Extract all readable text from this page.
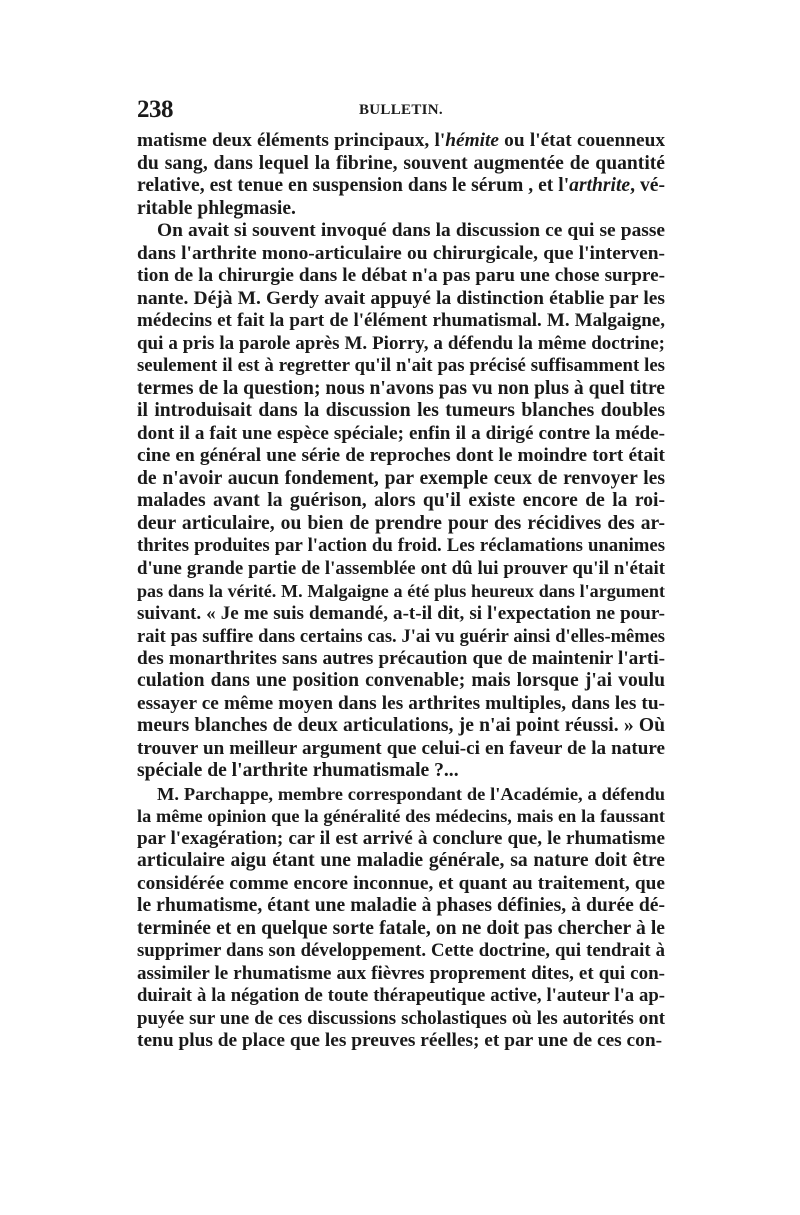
238	BULLETIN.
matisme deux éléments principaux, l'hémite ou l'état couenneux
du sang, dans lequel la fibrine, souvent augmentée de quantité
relative, est tenue en suspension dans le sérum , et l'arthrite, vé-
ritable phlegmasie.
On avait si souvent invoqué dans la discussion ce qui se passe
dans l'arthrite mono-articulaire ou chirurgicale, que l'interven-
tion de la chirurgie dans le débat n'a pas paru une chose surpre-
nante. Déjà M. Gerdy avait appuyé la distinction établie par les
médecins et fait la part de l'élément rhumatismal. M. Malgaigne,
qui a pris la parole après M. Piorry, a défendu la même doctrine;
seulement il est à regretter qu'il n'ait pas précisé suffisamment les
termes de la question; nous n'avons pas vu non plus à quel titre
il introduisait dans la discussion les tumeurs blanches doubles
dont il a fait une espèce spéciale; enfin il a dirigé contre la méde-
cine en général une série de reproches dont le moindre tort était
de n'avoir aucun fondement, par exemple ceux de renvoyer les
malades avant la guérison, alors qu'il existe encore de la roi-
deur articulaire, ou bien de prendre pour des récidives des ar-
thrites produites par l'action du froid. Les réclamations unanimes
d'une grande partie de l'assemblée ont dû lui prouver qu'il n'était
pas dans la vérité. M. Malgaigne a été plus heureux dans l'argument
suivant. « Je me suis demandé, a-t-il dit, si l'expectation ne pour-
rait pas suffire dans certains cas. J'ai vu guérir ainsi d'elles-mêmes
des monarthrites sans autres précaution que de maintenir l'arti-
culation dans une position convenable; mais lorsque j'ai voulu
essayer ce même moyen dans les arthrites multiples, dans les tu-
meurs blanches de deux articulations, je n'ai point réussi. » Où
trouver un meilleur argument que celui-ci en faveur de la nature
spéciale de l'arthrite rhumatismale ?...
M. Parchappe, membre correspondant de l'Académie, a défendu
la même opinion que la généralité des médecins, mais en la faussant
par l'exagération; car il est arrivé à conclure que, le rhumatisme
articulaire aigu étant une maladie générale, sa nature doit être
considérée comme encore inconnue, et quant au traitement, que
le rhumatisme, étant une maladie à phases définies, à durée dé-
terminée et en quelque sorte fatale, on ne doit pas chercher à le
supprimer dans son développement. Cette doctrine, qui tendrait à
assimiler le rhumatisme aux fièvres proprement dites, et qui con-
duirait à la négation de toute thérapeutique active, l'auteur l'a ap-
puyée sur une de ces discussions scholastiques où les autorités ont
tenu plus de place que les preuves réelles; et par une de ces con-
